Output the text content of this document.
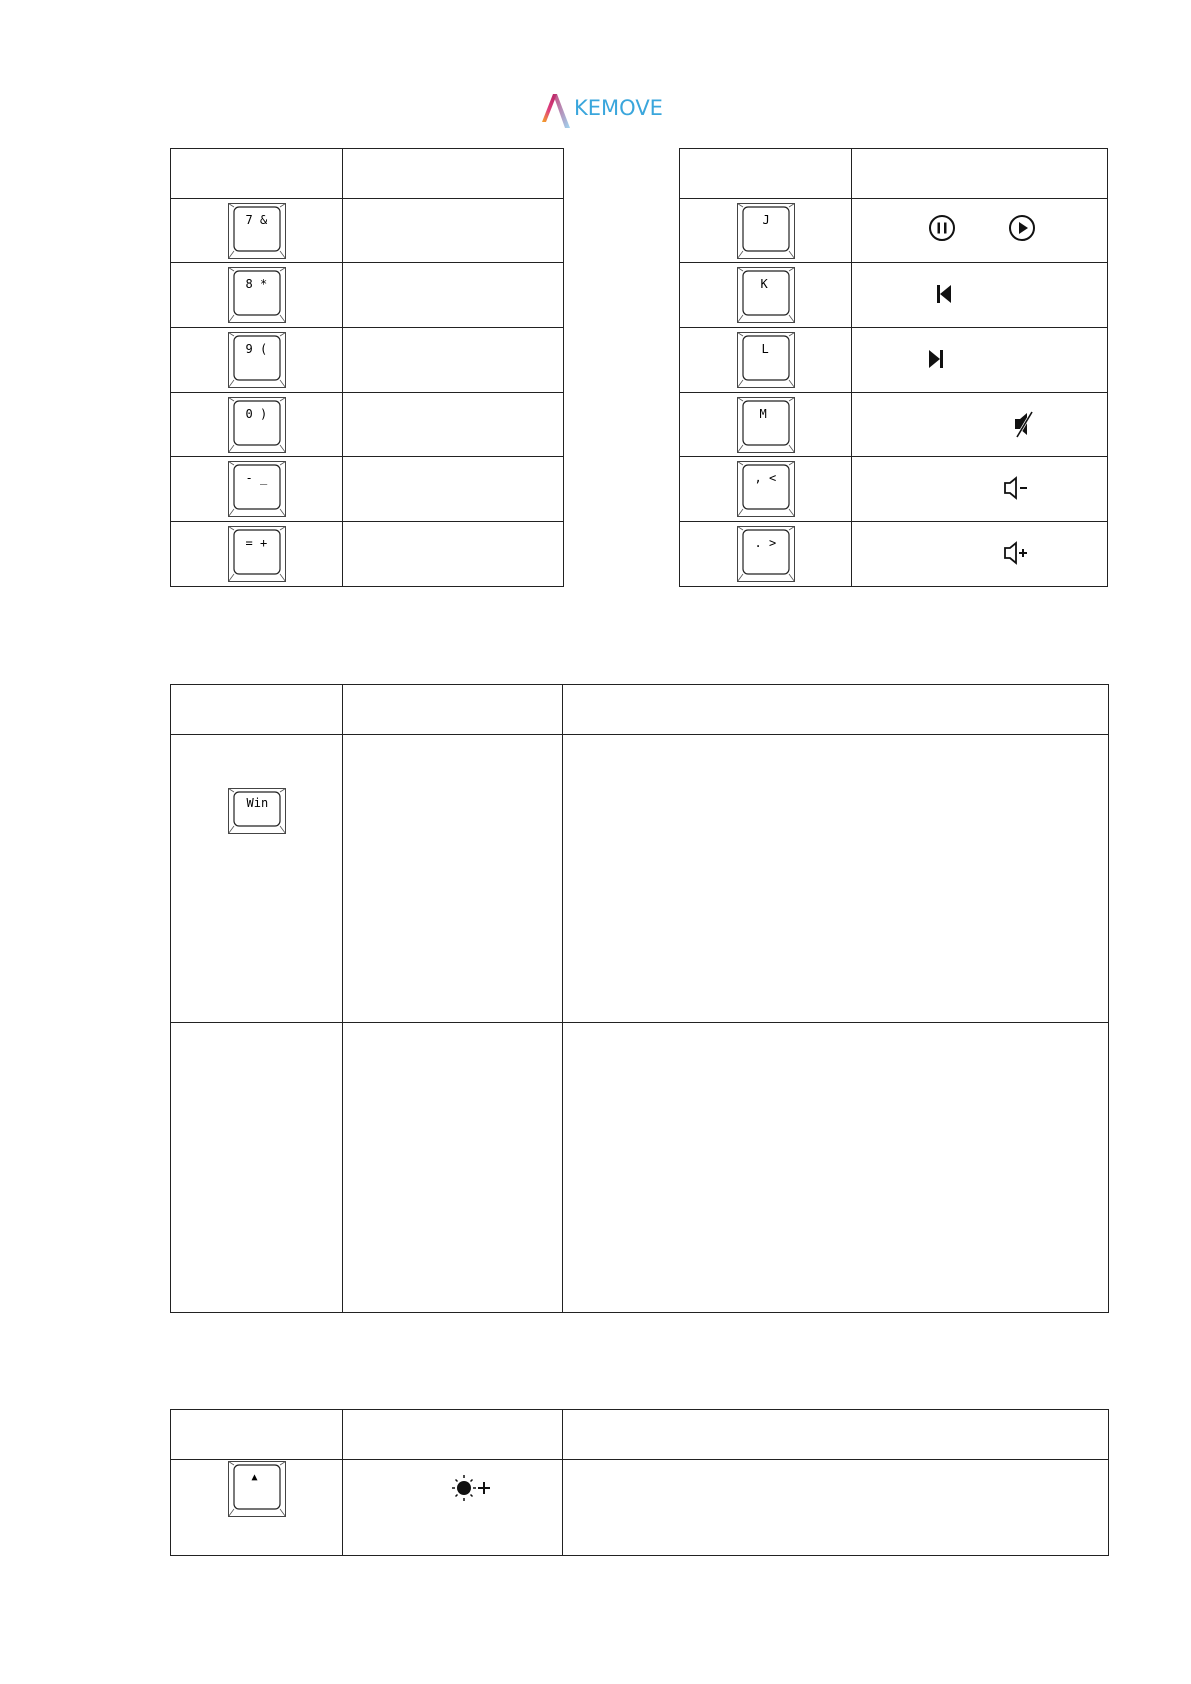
KEMOVE

7 &	

8 *	

9 (	

0 )	

- _	

= +	

J

K

L

M

, <

. >

Win		

▲
